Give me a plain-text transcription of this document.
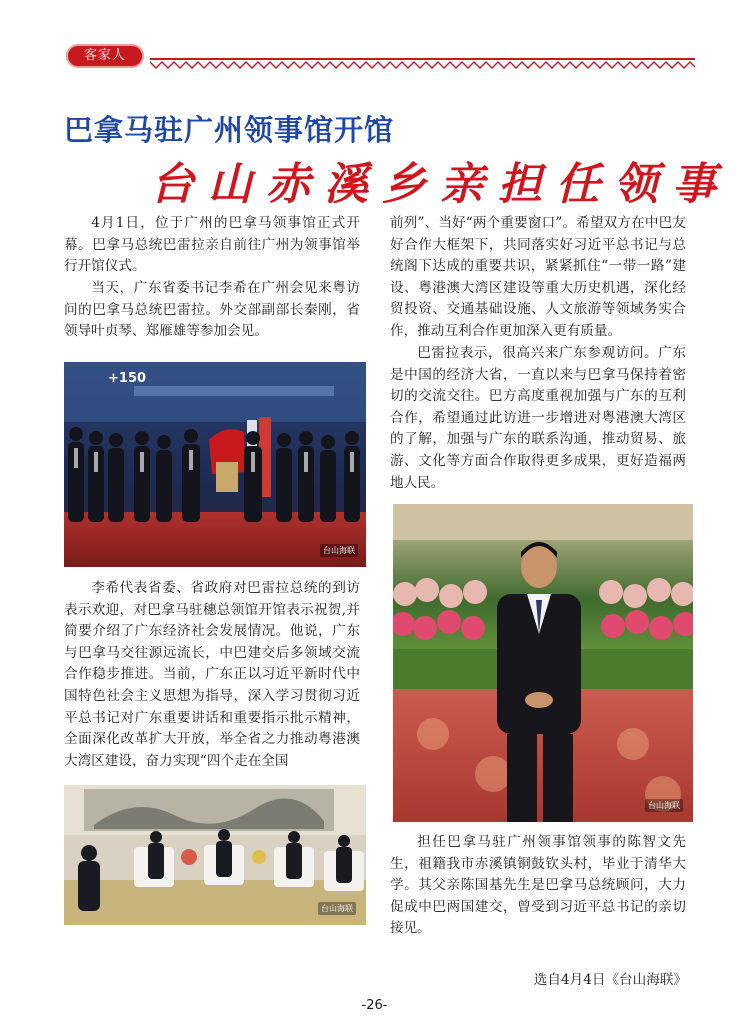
客家人
巴拿马驻广州领事馆开馆
台山赤溪乡亲担任领事
4月1日，位于广州的巴拿马领事馆正式开幕。巴拿马总统巴雷拉亲自前往广州为领事馆举行开馆仪式。
当天，广东省委书记李希在广州会见来粤访问的巴拿马总统巴雷拉。外交部副部长秦刚，省领导叶贞琴、郑雁雄等参加会见。
+150
台山海联
李希代表省委、省政府对巴雷拉总统的到访表示欢迎，对巴拿马驻穗总领馆开馆表示祝贺,并简要介绍了广东经济社会发展情况。他说，广东与巴拿马交往源远流长，中巴建交后多领域交流合作稳步推进。当前，广东正以习近平新时代中国特色社会主义思想为指导，深入学习贯彻习近平总书记对广东重要讲话和重要指示批示精神，全面深化改革扩大开放，举全省之力推动粤港澳大湾区建设，奋力实现“四个走在全国
台山海联
前列”、当好“两个重要窗口”。希望双方在中巴友好合作大框架下，共同落实好习近平总书记与总统阁下达成的重要共识，紧紧抓住“一带一路”建设、粤港澳大湾区建设等重大历史机遇，深化经贸投资、交通基础设施、人文旅游等领域务实合作，推动互利合作更加深入更有质量。
巴雷拉表示，很高兴来广东参观访问。广东是中国的经济大省，一直以来与巴拿马保持着密切的交流交往。巴方高度重视加强与广东的互利合作，希望通过此访进一步增进对粤港澳大湾区的了解，加强与广东的联系沟通，推动贸易、旅游、文化等方面合作取得更多成果，更好造福两地人民。
台山海联
担任巴拿马驻广州领事馆领事的陈智文先生，祖籍我市赤溪镇铜鼓钦头村，毕业于清华大学。其父亲陈国基先生是巴拿马总统顾问，大力促成中巴两国建交，曾受到习近平总书记的亲切接见。
选自4月4日《台山海联》
-26-
